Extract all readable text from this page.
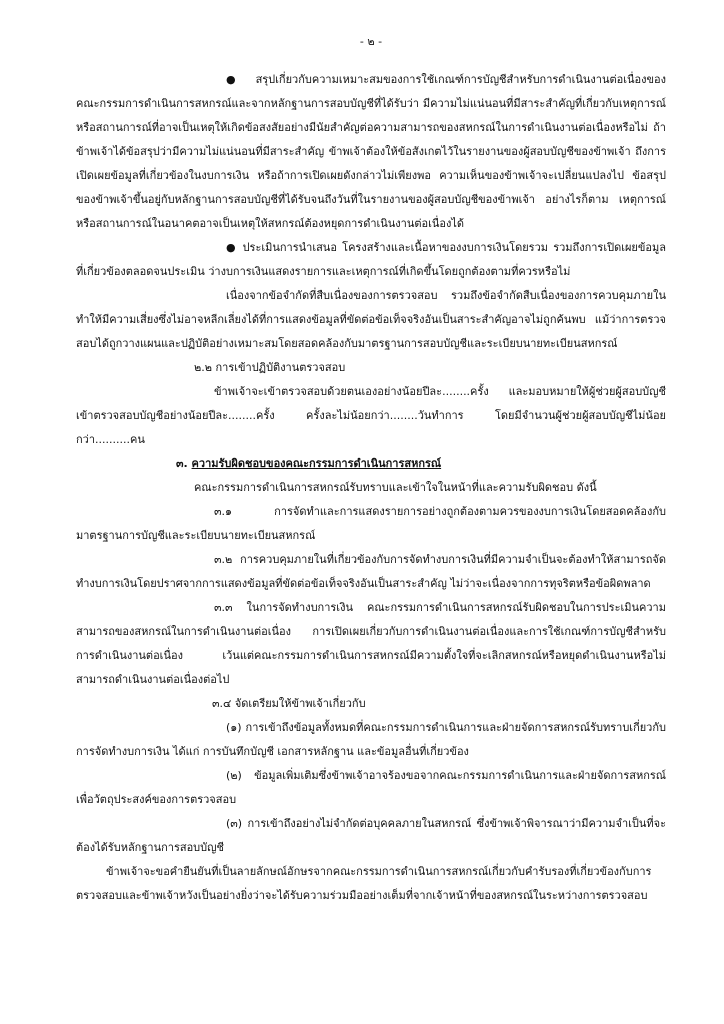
- ๒ -

● สรุปเกี่ยวกับความเหมาะสมของการใช้เกณฑ์การบัญชีสำหรับการดำเนินงานต่อเนื่องของคณะกรรมการดำเนินการสหกรณ์และจากหลักฐานการสอบบัญชีที่ได้รับว่า มีความไม่แน่นอนที่มีสาระสำคัญที่เกี่ยวกับเหตุการณ์หรือสถานการณ์ที่อาจเป็นเหตุให้เกิดข้อสงสัยอย่างมีนัยสำคัญต่อความสามารถของสหกรณ์ในการดำเนินงานต่อเนื่องหรือไม่ ถ้าข้าพเจ้าได้ข้อสรุปว่ามีความไม่แน่นอนที่มีสาระสำคัญ ข้าพเจ้าต้องให้ข้อสังเกตไว้ในรายงานของผู้สอบบัญชีของข้าพเจ้า ถึงการเปิดเผยข้อมูลที่เกี่ยวข้องในงบการเงิน หรือถ้าการเปิดเผยดังกล่าวไม่เพียงพอ ความเห็นของข้าพเจ้าจะเปลี่ยนแปลงไป ข้อสรุปของข้าพเจ้าขึ้นอยู่กับหลักฐานการสอบบัญชีที่ได้รับจนถึงวันที่ในรายงานของผู้สอบบัญชีของข้าพเจ้า อย่างไรก็ตาม เหตุการณ์หรือสถานการณ์ในอนาคตอาจเป็นเหตุให้สหกรณ์ต้องหยุดการดำเนินงานต่อเนื่องได้

● ประเมินการนำเสนอ โครงสร้างและเนื้อหาของงบการเงินโดยรวม รวมถึงการเปิดเผยข้อมูลที่เกี่ยวข้องตลอดจนประเมิน ว่างบการเงินแสดงรายการและเหตุการณ์ที่เกิดขึ้นโดยถูกต้องตามที่ควรหรือไม่

เนื่องจากข้อจำกัดที่สืบเนื่องของการตรวจสอบ รวมถึงข้อจำกัดสืบเนื่องของการควบคุมภายในทำให้มีความเสี่ยงซึ่งไม่อาจหลีกเลี่ยงได้ที่การแสดงข้อมูลที่ขัดต่อข้อเท็จจริงอันเป็นสาระสำคัญอาจไม่ถูกค้นพบ แม้ว่าการตรวจสอบได้ถูกวางแผนและปฏิบัติอย่างเหมาะสมโดยสอดคล้องกับมาตรฐานการสอบบัญชีและระเบียบนายทะเบียนสหกรณ์

๒.๒ การเข้าปฏิบัติงานตรวจสอบ

ข้าพเจ้าจะเข้าตรวจสอบด้วยตนเองอย่างน้อยปีละ........ครั้ง และมอบหมายให้ผู้ช่วยผู้สอบบัญชีเข้าตรวจสอบบัญชีอย่างน้อยปีละ........ครั้ง ครั้งละไม่น้อยกว่า........วันทำการ โดยมีจำนวนผู้ช่วยผู้สอบบัญชีไม่น้อยกว่า..........คน

๓. ความรับผิดชอบของคณะกรรมการดำเนินการสหกรณ์

คณะกรรมการดำเนินการสหกรณ์รับทราบและเข้าใจในหน้าที่และความรับผิดชอบ ดังนี้

๓.๑ การจัดทำและการแสดงรายการอย่างถูกต้องตามควรของงบการเงินโดยสอดคล้องกับมาตรฐานการบัญชีและระเบียบนายทะเบียนสหกรณ์

๓.๒ การควบคุมภายในที่เกี่ยวข้องกับการจัดทำงบการเงินที่มีความจำเป็นจะต้องทำให้สามารถจัดทำงบการเงินโดยปราศจากการแสดงข้อมูลที่ขัดต่อข้อเท็จจริงอันเป็นสาระสำคัญ ไม่ว่าจะเนื่องจากการทุจริตหรือข้อผิดพลาด

๓.๓ ในการจัดทำงบการเงิน คณะกรรมการดำเนินการสหกรณ์รับผิดชอบในการประเมินความสามารถของสหกรณ์ในการดำเนินงานต่อเนื่อง การเปิดเผยเกี่ยวกับการดำเนินงานต่อเนื่องและการใช้เกณฑ์การบัญชีสำหรับการดำเนินงานต่อเนื่อง เว้นแต่คณะกรรมการดำเนินการสหกรณ์มีความตั้งใจที่จะเลิกสหกรณ์หรือหยุดดำเนินงานหรือไม่สามารถดำเนินงานต่อเนื่องต่อไป

๓.๔ จัดเตรียมให้ข้าพเจ้าเกี่ยวกับ

(๑) การเข้าถึงข้อมูลทั้งหมดที่คณะกรรมการดำเนินการและฝ่ายจัดการสหกรณ์รับทราบเกี่ยวกับการจัดทำงบการเงิน ได้แก่ การบันทึกบัญชี เอกสารหลักฐาน และข้อมูลอื่นที่เกี่ยวข้อง

(๒) ข้อมูลเพิ่มเติมซึ่งข้าพเจ้าอาจร้องขอจากคณะกรรมการดำเนินการและฝ่ายจัดการสหกรณ์เพื่อวัตถุประสงค์ของการตรวจสอบ

(๓) การเข้าถึงอย่างไม่จำกัดต่อบุคคลภายในสหกรณ์ ซึ่งข้าพเจ้าพิจารณาว่ามีความจำเป็นที่จะต้องได้รับหลักฐานการสอบบัญชี

ข้าพเจ้าจะขอคำยืนยันที่เป็นลายลักษณ์อักษรจากคณะกรรมการดำเนินการสหกรณ์เกี่ยวกับคำรับรองที่เกี่ยวข้องกับการตรวจสอบและข้าพเจ้าหวังเป็นอย่างยิ่งว่าจะได้รับความร่วมมืออย่างเต็มที่จากเจ้าหน้าที่ของสหกรณ์ในระหว่างการตรวจสอบ
